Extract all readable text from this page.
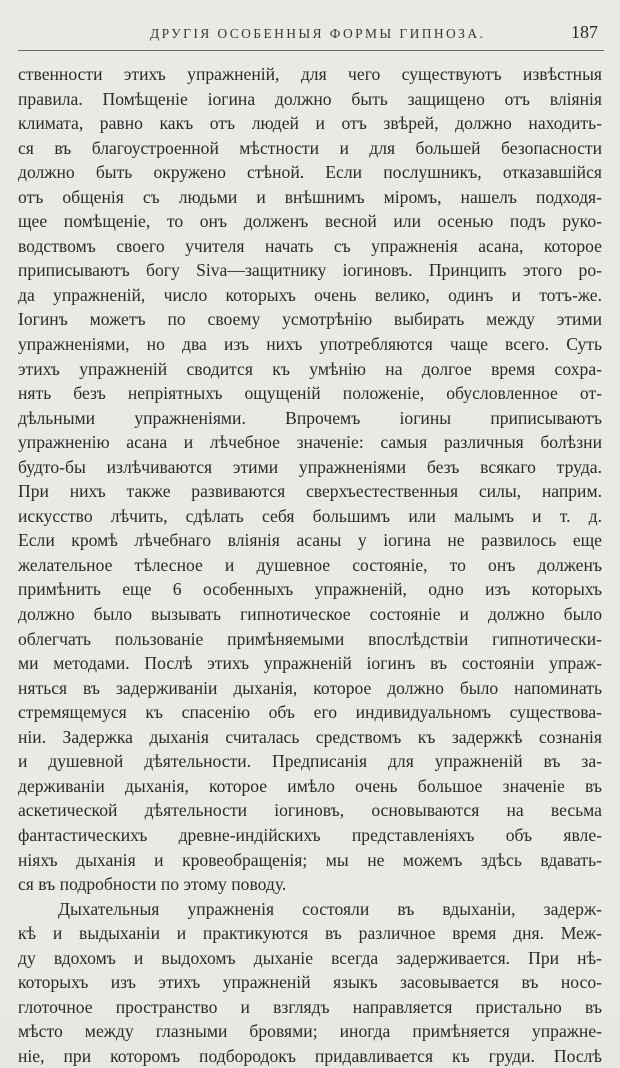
ДРУГІЯ ОСОБЕННЫЯ ФОРМЫ ГИПНОЗА.	187
ственности этихъ упражненій, для чего существуютъ извѣстныя
правила. Помѣщеніе іогина должно быть защищено отъ вліянія
климата, равно какъ отъ людей и отъ звѣрей, должно находить-
ся въ благоустроенной мѣстности и для большей безопасности
должно быть окружено стѣной. Если послушникъ, отказавшійся
отъ общенія съ людьми и внѣшнимъ міромъ, нашелъ подходя-
щее помѣщеніе, то онъ долженъ весной или осенью подъ руко-
водствомъ своего учителя начать съ упражненія асана, которое
приписываютъ богу Siva—защитнику іогиновъ. Принципъ этого ро-
да упражненій, число которыхъ очень велико, одинъ и тотъ-же.
Іогинъ можетъ по своему усмотрѣнію выбирать между этими
упражненіями, но два изъ нихъ употребляются чаще всего. Суть
этихъ упражненій сводится къ умѣнію на долгое время сохра-
нять безъ непріятныхъ ощущеній положеніе, обусловленное от-
дѣльными упражненіями. Впрочемъ іогины приписываютъ
упражненію асана и лѣчебное значеніе: самыя различныя болѣзни
будто-бы излѣчиваются этими упражненіями безъ всякаго труда.
При нихъ также развиваются сверхъестественныя силы, наприм.
искусство лѣчить, сдѣлать себя большимъ или малымъ и т. д.
Если кромѣ лѣчебнаго вліянія асаны у іогина не развилось еще
желательное тѣлесное и душевное состояніе, то онъ долженъ
примѣнить еще 6 особенныхъ упражненій, одно изъ которыхъ
должно было вызывать гипнотическое состояніе и должно было
облегчать пользованіе примѣняемыми впослѣдствіи гипнотически-
ми методами. Послѣ этихъ упражненій іогинъ въ состояніи упраж-
няться въ задерживаніи дыханія, которое должно было напоминать
стремящемуся къ спасенію объ его индивидуальномъ существова-
ніи. Задержка дыханія считалась средствомъ къ задержкѣ сознанія
и душевной дѣятельности. Предписанія для упражненій въ за-
держиваніи дыханія, которое имѣло очень большое значеніе въ
аскетической дѣятельности іогиновъ, основываются на весьма
фантастическихъ древне-индійскихъ представленіяхъ объ явле-
ніяхъ дыханія и кровеобращенія; мы не можемъ здѣсь вдавать-
ся въ подробности по этому поводу.
Дыхательныя упражненія состояли въ вдыханіи, задерж-
кѣ и выдыханіи и практикуются въ различное время дня. Меж-
ду вдохомъ и выдохомъ дыханіе всегда задерживается. При нѣ-
которыхъ изъ этихъ упражненій языкъ засовывается въ носо-
глоточное пространство и взглядъ направляется пристально въ
мѣсто между глазными бровями; иногда примѣняется упражне-
ніе, при которомъ подбородокъ придавливается къ груди. Послѣ
